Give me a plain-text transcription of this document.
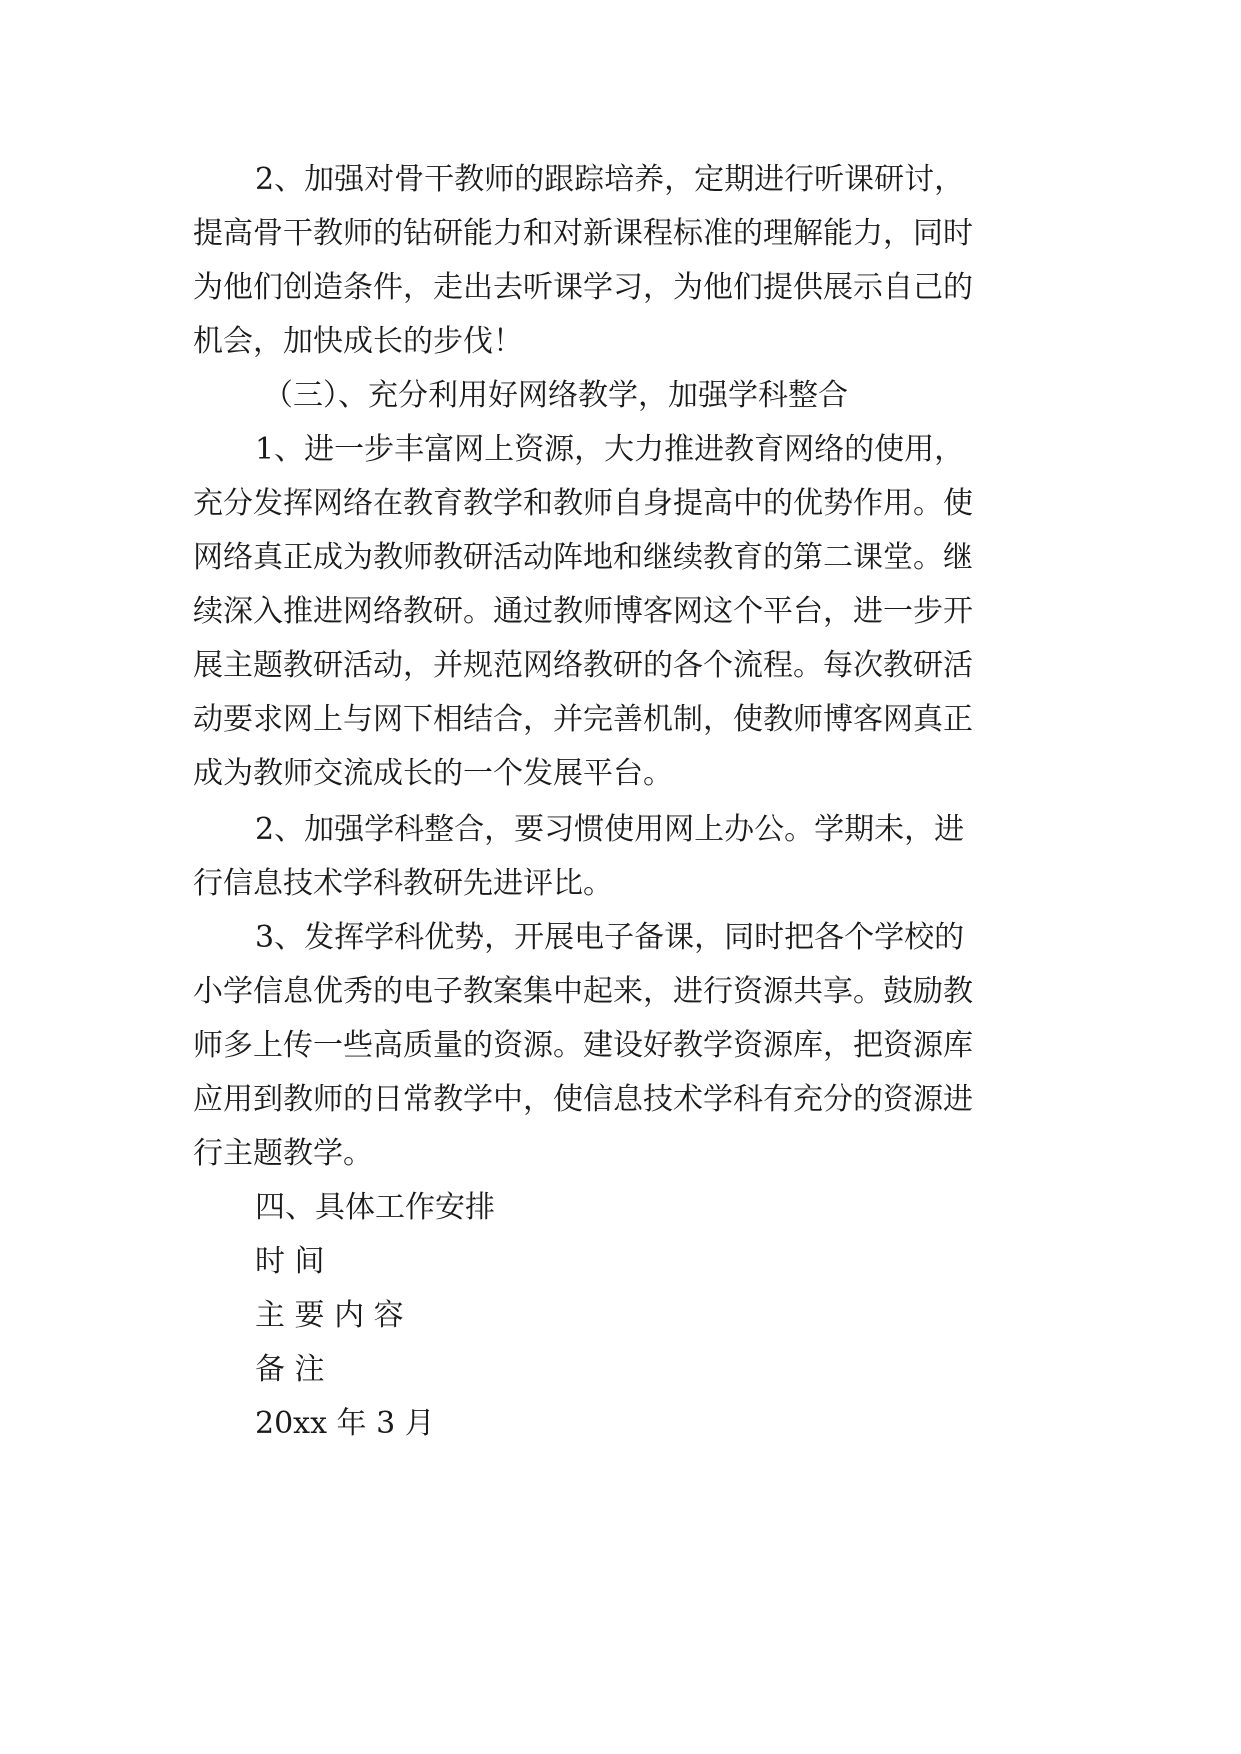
2、加强对骨干教师的跟踪培养，定期进行听课研讨，
提高骨干教师的钻研能力和对新课程标准的理解能力，同时
为他们创造条件，走出去听课学习，为他们提供展示自己的
机会，加快成长的步伐！
（三）、充分利用好网络教学，加强学科整合
1、进一步丰富网上资源，大力推进教育网络的使用，
充分发挥网络在教育教学和教师自身提高中的优势作用。使
网络真正成为教师教研活动阵地和继续教育的第二课堂。继
续深入推进网络教研。通过教师博客网这个平台，进一步开
展主题教研活动，并规范网络教研的各个流程。每次教研活
动要求网上与网下相结合，并完善机制，使教师博客网真正
成为教师交流成长的一个发展平台。
2、加强学科整合，要习惯使用网上办公。学期未，进
行信息技术学科教研先进评比。
3、发挥学科优势，开展电子备课，同时把各个学校的
小学信息优秀的电子教案集中起来，进行资源共享。鼓励教
师多上传一些高质量的资源。建设好教学资源库，把资源库
应用到教师的日常教学中，使信息技术学科有充分的资源进
行主题教学。
四、具体工作安排
时 间
主 要 内 容
备 注
20xx 年 3 月
